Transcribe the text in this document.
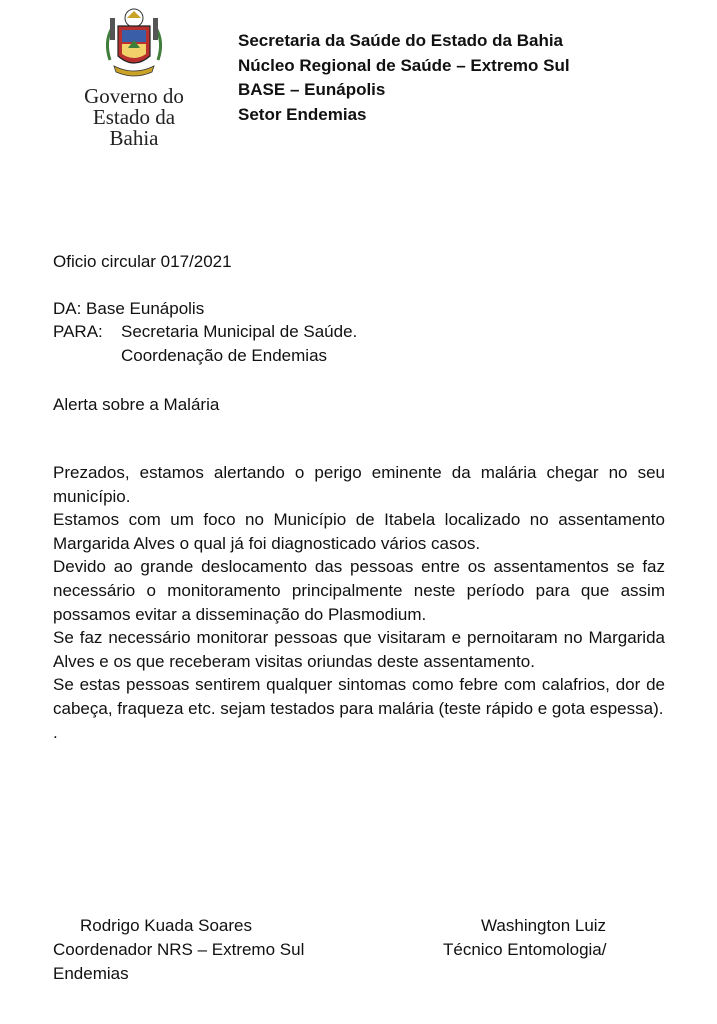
Governo do
Estado da Bahia
Secretaria da Saúde do Estado da Bahia
Núcleo Regional de Saúde – Extremo Sul
BASE – Eunápolis
Setor Endemias
Oficio circular 017/2021
DA: Base Eunápolis
PARA: Secretaria Municipal de Saúde.
Coordenação de Endemias
Alerta sobre a Malária

Prezados, estamos alertando o perigo eminente da malária chegar no seu município.

Estamos com um foco no Município de Itabela localizado no assentamento Margarida Alves o qual já foi diagnosticado vários casos.

Devido ao grande deslocamento das pessoas entre os assentamentos se faz necessário o monitoramento principalmente neste período para que assim possamos evitar a disseminação do Plasmodium.

Se faz necessário monitorar pessoas que visitaram e pernoitaram no Margarida Alves e os que receberam visitas oriundas deste assentamento.

Se estas pessoas sentirem qualquer sintomas como febre com calafrios, dor de cabeça, fraqueza etc. sejam testados para malária (teste rápido e gota espessa).

.

Rodrigo Kuada Soares
Coordenador NRS – Extremo Sul
Endemias
Washington Luiz
Técnico Entomologia/
